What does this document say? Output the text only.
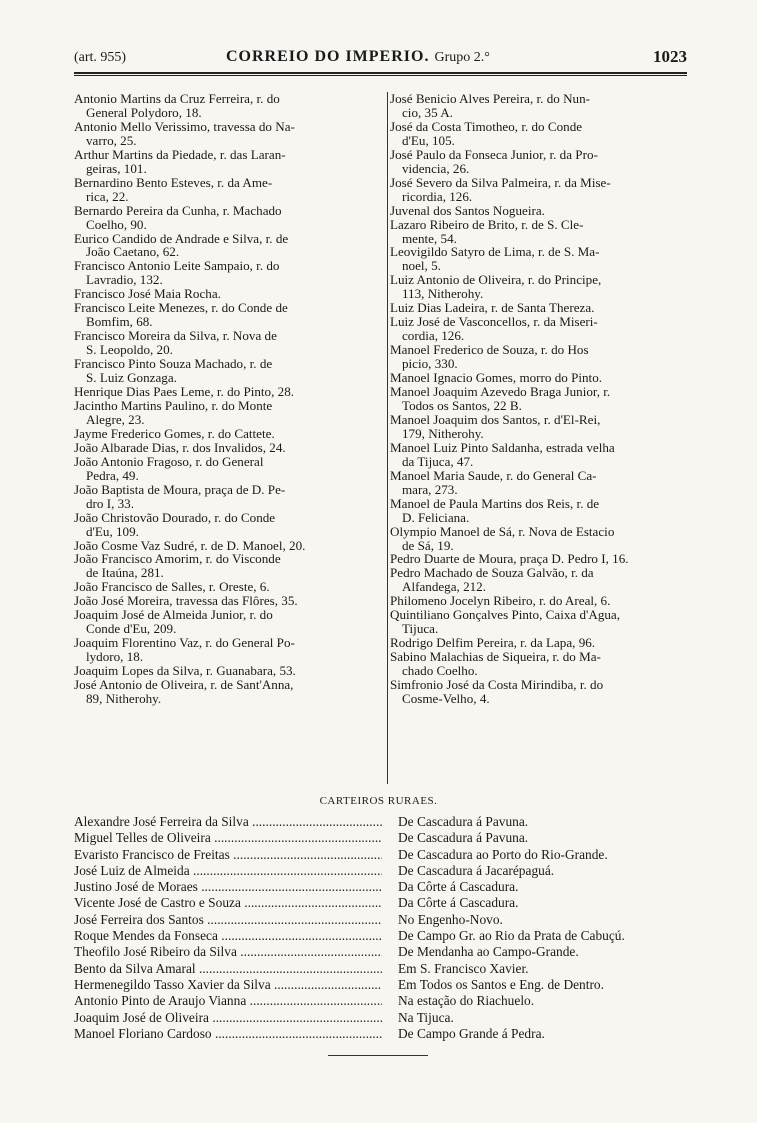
(art. 955)	CORREIO DO IMPERIO. Grupo 2.°	1023
Antonio Martins da Cruz Ferreira, r. do
General Polydoro, 18.
Antonio Mello Verissimo, travessa do Na-
varro, 25.
Arthur Martins da Piedade, r. das Laran-
geiras, 101.
Bernardino Bento Esteves, r. da Ame-
rica, 22.
Bernardo Pereira da Cunha, r. Machado
Coelho, 90.
Eurico Candido de Andrade e Silva, r. de
João Caetano, 62.
Francisco Antonio Leite Sampaio, r. do
Lavradio, 132.
Francisco José Maia Rocha.
Francisco Leite Menezes, r. do Conde de
Bomfim, 68.
Francisco Moreira da Silva, r. Nova de
S. Leopoldo, 20.
Francisco Pinto Souza Machado, r. de
S. Luiz Gonzaga.
Henrique Dias Paes Leme, r. do Pinto, 28.
Jacintho Martins Paulino, r. do Monte
Alegre, 23.
Jayme Frederico Gomes, r. do Cattete.
João Albarade Dias, r. dos Invalidos, 24.
João Antonio Fragoso, r. do General
Pedra, 49.
João Baptista de Moura, praça de D. Pe-
dro I, 33.
João Christovão Dourado, r. do Conde
d'Eu, 109.
João Cosme Vaz Sudré, r. de D. Manoel, 20.
João Francisco Amorim, r. do Visconde
de Itaúna, 281.
João Francisco de Salles, r. Oreste, 6.
João José Moreira, travessa das Flôres, 35.
Joaquim José de Almeida Junior, r. do
Conde d'Eu, 209.
Joaquim Florentino Vaz, r. do General Po-
lydoro, 18.
Joaquim Lopes da Silva, r. Guanabara, 53.
José Antonio de Oliveira, r. de Sant'Anna,
89, Nitherohy.
José Benicio Alves Pereira, r. do Nun-
cio, 35 A.
José da Costa Timotheo, r. do Conde
d'Eu, 105.
José Paulo da Fonseca Junior, r. da Pro-
videncia, 26.
José Severo da Silva Palmeira, r. da Mise-
ricordia, 126.
Juvenal dos Santos Nogueira.
Lazaro Ribeiro de Brito, r. de S. Cle-
mente, 54.
Leovigildo Satyro de Lima, r. de S. Ma-
noel, 5.
Luiz Antonio de Oliveira, r. do Principe,
113, Nitherohy.
Luiz Dias Ladeira, r. de Santa Thereza.
Luiz José de Vasconcellos, r. da Miseri-
cordia, 126.
Manoel Frederico de Souza, r. do Hos
picio, 330.
Manoel Ignacio Gomes, morro do Pinto.
Manoel Joaquim Azevedo Braga Junior, r.
Todos os Santos, 22 B.
Manoel Joaquim dos Santos, r. d'El-Rei,
179, Nitherohy.
Manoel Luiz Pinto Saldanha, estrada velha
da Tijuca, 47.
Manoel Maria Saude, r. do General Ca-
mara, 273.
Manoel de Paula Martins dos Reis, r. de
D. Feliciana.
Olympio Manoel de Sá, r. Nova de Estacio
de Sá, 19.
Pedro Duarte de Moura, praça D. Pedro I, 16.
Pedro Machado de Souza Galvão, r. da
Alfandega, 212.
Philomeno Jocelyn Ribeiro, r. do Areal, 6.
Quintiliano Gonçalves Pinto, Caixa d'Agua,
Tijuca.
Rodrigo Delfim Pereira, r. da Lapa, 96.
Sabino Malachias de Siqueira, r. do Ma-
chado Coelho.
Simfronio José da Costa Mirindiba, r. do
Cosme-Velho, 4.
CARTEIROS RURAES.
Alexandre José Ferreira da Silva .....	De Cascadura á Pavuna.
Miguel Telles de Oliveira .....	De Cascadura á Pavuna.
Evaristo Francisco de Freitas .....	De Cascadura ao Porto do Rio-Grande.
José Luiz de Almeida .....	De Cascadura á Jacarépaguá.
Justino José de Moraes .....	Da Côrte á Cascadura.
Vicente José de Castro e Souza .....	Da Côrte á Cascadura.
José Ferreira dos Santos .....	No Engenho-Novo.
Roque Mendes da Fonseca .....	De Campo Gr. ao Rio da Prata de Cabuçú.
Theofilo José Ribeiro da Silva .....	De Mendanha ao Campo-Grande.
Bento da Silva Amaral .....	Em S. Francisco Xavier.
Hermenegildo Tasso Xavier da Silva .....	Em Todos os Santos e Eng. de Dentro.
Antonio Pinto de Araujo Vianna .....	Na estação do Riachuelo.
Joaquim José de Oliveira .....	Na Tijuca.
Manoel Floriano Cardoso .....	De Campo Grande á Pedra.
